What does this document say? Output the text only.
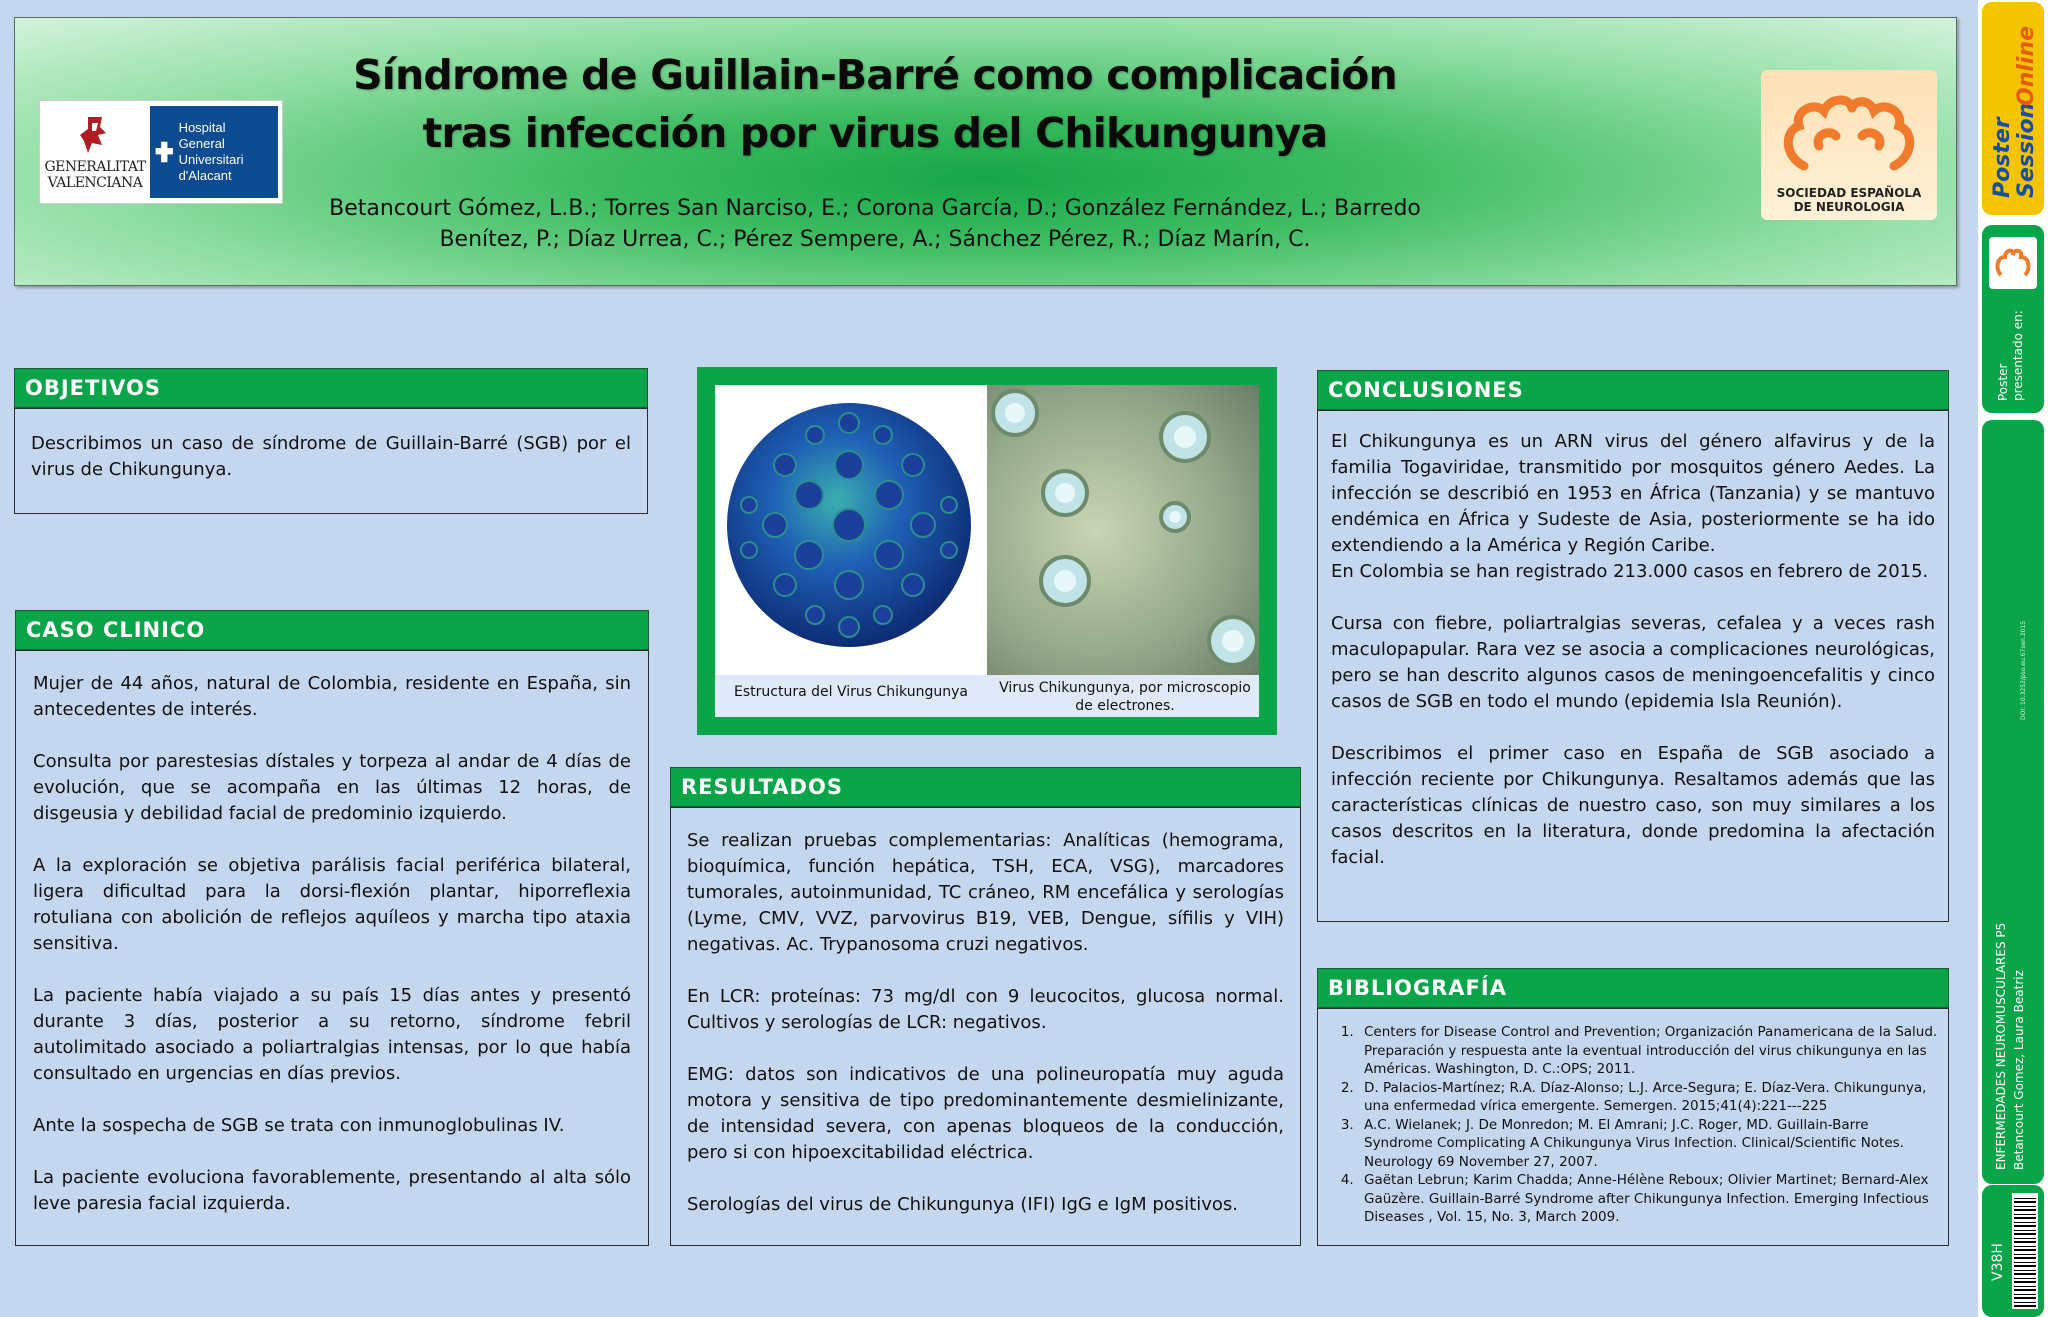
GENERALITAT
VALENCIANA
Hospital General
Universitari d'Alacant
Síndrome de Guillain-Barré como complicación tras infección por virus del Chikungunya
Betancourt Gómez, L.B.; Torres San Narciso, E.; Corona García, D.; González Fernández, L.; Barredo Benítez, P.; Díaz Urrea, C.; Pérez Sempere, A.; Sánchez Pérez, R.; Díaz Marín, C.
SOCIEDAD ESPAÑOLA
DE NEUROLOGIA
OBJETIVOS
Describimos un caso de síndrome de Guillain-Barré (SGB) por el virus de Chikungunya.
CASO CLINICO

Mujer de 44 años, natural de Colombia, residente en España, sin antecedentes de interés.

Consulta por parestesias dístales y torpeza al andar de 4 días de evolución, que se acompaña en las últimas 12 horas, de disgeusia y debilidad facial de predominio izquierdo.

A la exploración se objetiva parálisis facial periférica bilateral, ligera dificultad para la dorsi-flexión plantar, hiporreflexia rotuliana con abolición de reflejos aquíleos y marcha tipo ataxia sensitiva.

La paciente había viajado a su país 15 días antes y presentó durante 3 días, posterior a su retorno, síndrome febril autolimitado asociado a poliartralgias intensas, por lo que había consultado en urgencias en días previos.

Ante la sospecha de SGB se trata con inmunoglobulinas IV.

La paciente evoluciona favorablemente, presentando al alta sólo leve paresia facial izquierda.

Estructura del Virus Chikungunya	Virus Chikungunya, por microscopio de electrones.
RESULTADOS

Se realizan pruebas complementarias: Analíticas (hemograma, bioquímica, función hepática, TSH, ECA, VSG), marcadores tumorales, autoinmunidad, TC cráneo, RM encefálica y serologías (Lyme, CMV, VVZ, parvovirus B19, VEB, Dengue, sífilis y VIH) negativas. Ac. Trypanosoma cruzi negativos.

En LCR: proteínas: 73 mg/dl con 9 leucocitos, glucosa normal. Cultivos y serologías de LCR: negativos.

EMG: datos son indicativos de una polineuropatía muy aguda motora y sensitiva de tipo predominantemente desmielinizante, de intensidad severa, con apenas bloqueos de la conducción, pero si con hipoexcitabilidad eléctrica.

Serologías del virus de Chikungunya (IFI) IgG e IgM positivos.

CONCLUSIONES

El Chikungunya es un ARN virus del género alfavirus y de la familia Togaviridae, transmitido por mosquitos género Aedes. La infección se describió en 1953 en África (Tanzania) y se mantuvo endémica en África y Sudeste de Asia, posteriormente se ha ido extendiendo a la América y Región Caribe.

En Colombia se han registrado 213.000 casos en febrero de 2015.

Cursa con fiebre, poliartralgias severas, cefalea y a veces rash maculopapular. Rara vez se asocia a complicaciones neurológicas, pero se han descrito algunos casos de meningoencefalitis y cinco casos de SGB en todo el mundo (epidemia Isla Reunión).

Describimos el primer caso en España de SGB asociado a infección reciente por Chikungunya. Resaltamos además que las características clínicas de nuestro caso, son muy similares a los casos descritos en la literatura, donde predomina la afectación facial.

BIBLIOGRAFÍA
1. Centers for Disease Control and Prevention; Organización Panamericana de la Salud. Preparación y respuesta ante la eventual introducción del virus chikungunya en las Américas. Washington, D. C.:OPS; 2011.
2. D. Palacios-Martínez; R.A. Díaz-Alonso; L.J. Arce-Segura; E. Díaz-Vera. Chikungunya, una enfermedad vírica emergente. Semergen. 2015;41(4):221---225
3. A.C. Wielanek; J. De Monredon; M. El Amrani; J.C. Roger, MD. Guillain-Barre Syndrome Complicating A Chikungunya Virus Infection. Clinical/Scientific Notes. Neurology 69 November 27, 2007.
4. Gaëtan Lebrun; Karim Chadda; Anne-Hélène Reboux; Olivier Martinet; Bernard-Alex Gaüzère. Guillain-Barré Syndrome after Chikungunya Infection. Emerging Infectious Diseases , Vol. 15, No. 3, March 2009.
Poster Session
Online
Poster presentado en:
DOI: 10.3252/pso.eu.67sen.2015
ENFERMEDADES NEUROMUSCULARES P5 Betancourt Gomez, Laura Beatriz
V38H
